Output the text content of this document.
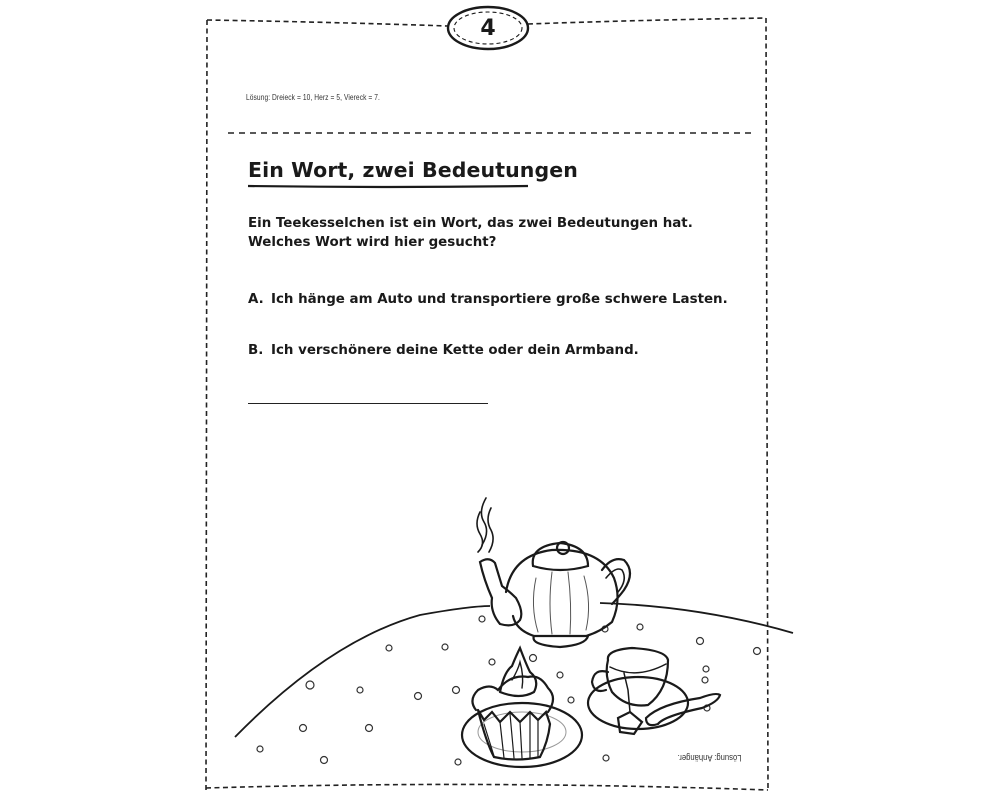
4
Lösung: Dreieck = 10, Herz = 5, Viereck = 7.
Ein Wort, zwei Bedeutungen
Ein Teekesselchen ist ein Wort, das zwei Bedeutungen hat.
Welches Wort wird hier gesucht?
A. Ich hänge am Auto und transportiere große schwere Lasten.
B. Ich verschönere deine Kette oder dein Armband.
Lösung: Anhänger.
